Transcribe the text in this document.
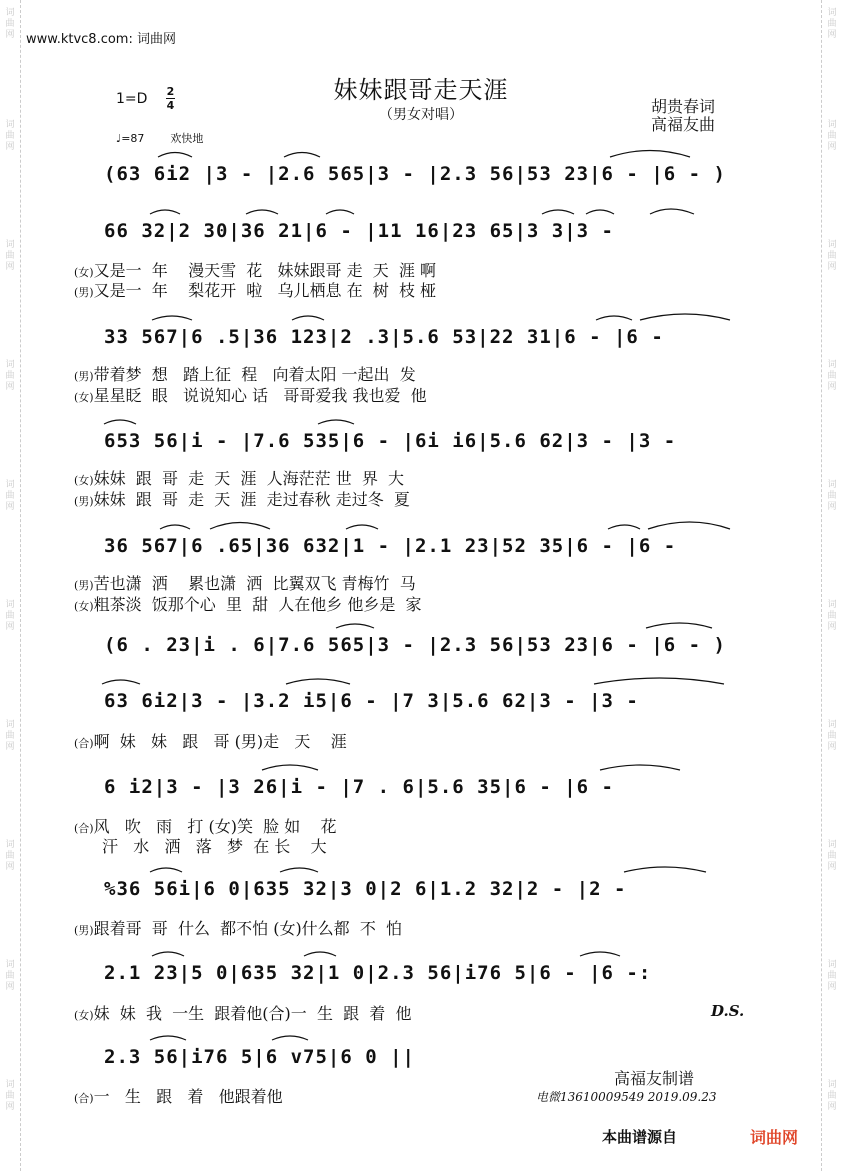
词曲网
词曲网
词曲网
词曲网
词曲网
词曲网
词曲网
词曲网
词曲网
词曲网
词曲网
词曲网
词曲网
词曲网
词曲网
词曲网
词曲网
词曲网
词曲网
词曲网
www.ktvc8.com: 词曲网
妹妹跟哥走天涯
（男女对唱）
1=D 2
4
♩=87 欢快地
胡贵春词
高福友曲
(63 6i2 |3 - |2.6 565|3 - |2.3 56|53 23|6 - |6 - )
66 32|2 30|36 21|6 - |11 16|23 65|3 3|3 -
33 567|6 .5|36 123|2 .3|5.6 53|22 31|6 - |6 -
653 56|i - |7.6 535|6 - |6i i6|5.6 62|3 - |3 -
36 567|6 .65|36 632|1 - |2.1 23|52 35|6 - |6 -
(6 . 23|i . 6|7.6 565|3 - |2.3 56|53 23|6 - |6 - )
63 6i2|3 - |3.2 i5|6 - |7 3|5.6 62|3 - |3 -
6 i2|3 - |3 26|i - |7 . 6|5.6 35|6 - |6 -
%36 56i|6 0|635 32|3 0|2 6|1.2 32|2 - |2 -
2.1 23|5 0|635 32|1 0|2.3 56|i76 5|6 - |6 -:
2.3 56|i76 5|6 v75|6 0 ||
(女)又是一  年    漫天雪  花   妹妹跟哥 走  天  涯 啊
(男)又是一  年    梨花开  啦   乌儿栖息 在  树  枝 桠
(男)带着梦  想   踏上征  程   向着太阳 一起出  发
(女)星星眨  眼   说说知心 话   哥哥爱我 我也爱  他
(女)妹妹  跟  哥  走  天  涯  人海茫茫 世  界  大
(男)妹妹  跟  哥  走  天  涯  走过春秋 走过冬  夏
(男)苦也潇  洒    累也潇  洒  比翼双飞 青梅竹  马
(女)粗茶淡  饭那个心  里  甜  人在他乡 他乡是  家
(合)啊  妹   妹   跟   哥 (男)走   天    涯
(合)风   吹   雨   打 (女)笑  脸 如    花
汗   水   洒   落   梦  在 长    大
(男)跟着哥  哥  什么  都不怕 (女)什么都  不  怕
(女)妹  妹  我  一生  跟着他(合)一  生  跟  着  他
(合)一   生   跟   着   他跟着他
D.S.
高福友制谱
电微13610009549 2019.09.23
本曲谱源自	词曲网
